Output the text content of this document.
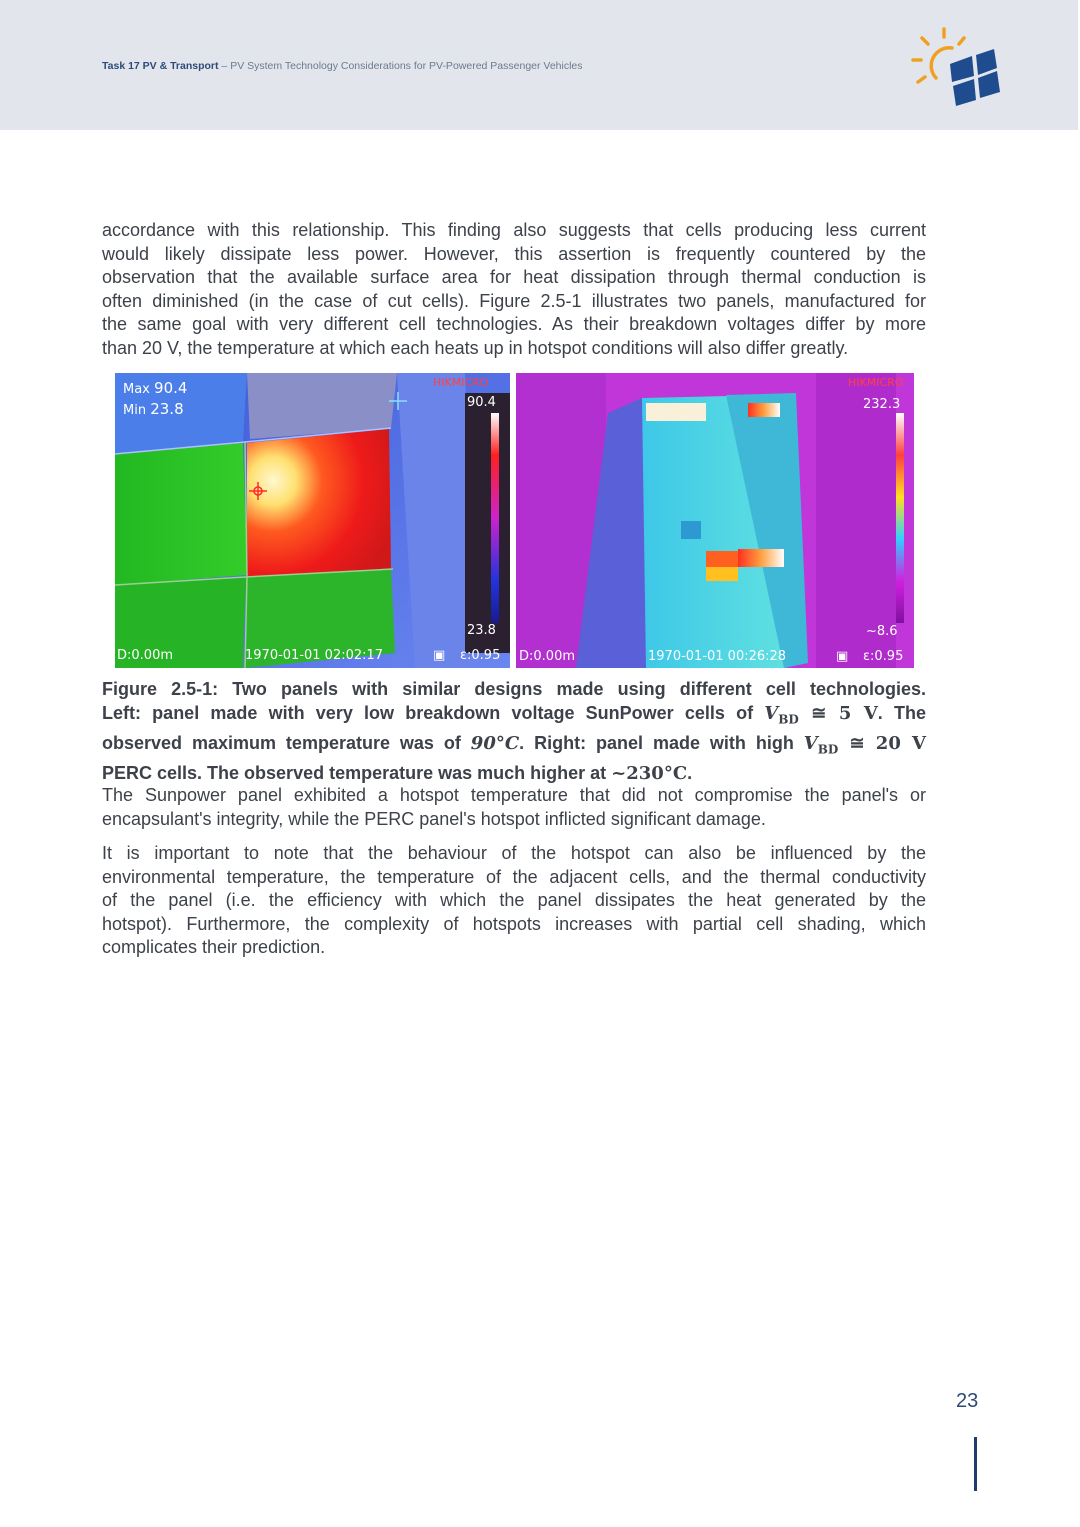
Task 17 PV & Transport – PV System Technology Considerations for PV-Powered Passenger Vehicles
accordance with this relationship. This finding also suggests that cells producing less current
would likely dissipate less power. However, this assertion is frequently countered by the
observation that the available surface area for heat dissipation through thermal conduction is
often diminished (in the case of cut cells). Figure 2.5-1 illustrates two panels, manufactured for
the same goal with very different cell technologies. As their breakdown voltages differ by more
than 20 V, the temperature at which each heats up in hotspot conditions will also differ greatly.
Max 90.4
Min 23.8
HIKMICRO
90.4
23.8
D:0.00m	1970-01-01 02:02:17	▣ ε:0.95
HIKMICRO
232.3
~8.6
D:0.00m	1970-01-01 00:26:28	▣ ε:0.95
Figure 2.5-1: Two panels with similar designs made using different cell technologies.
Left: panel made with very low breakdown voltage SunPower cells of $V_{BD}$ ≅ 5 V. The
observed maximum temperature was of 90°C. Right: panel made with high $V_{BD}$ ≅ 20 V
PERC cells. The observed temperature was much higher at ~230°C.
The Sunpower panel exhibited a hotspot temperature that did not compromise the panel's or
encapsulant's integrity, while the PERC panel's hotspot inflicted significant damage.
It is important to note that the behaviour of the hotspot can also be influenced by the
environmental temperature, the temperature of the adjacent cells, and the thermal conductivity
of the panel (i.e. the efficiency with which the panel dissipates the heat generated by the
hotspot). Furthermore, the complexity of hotspots increases with partial cell shading, which
complicates their prediction.
23
